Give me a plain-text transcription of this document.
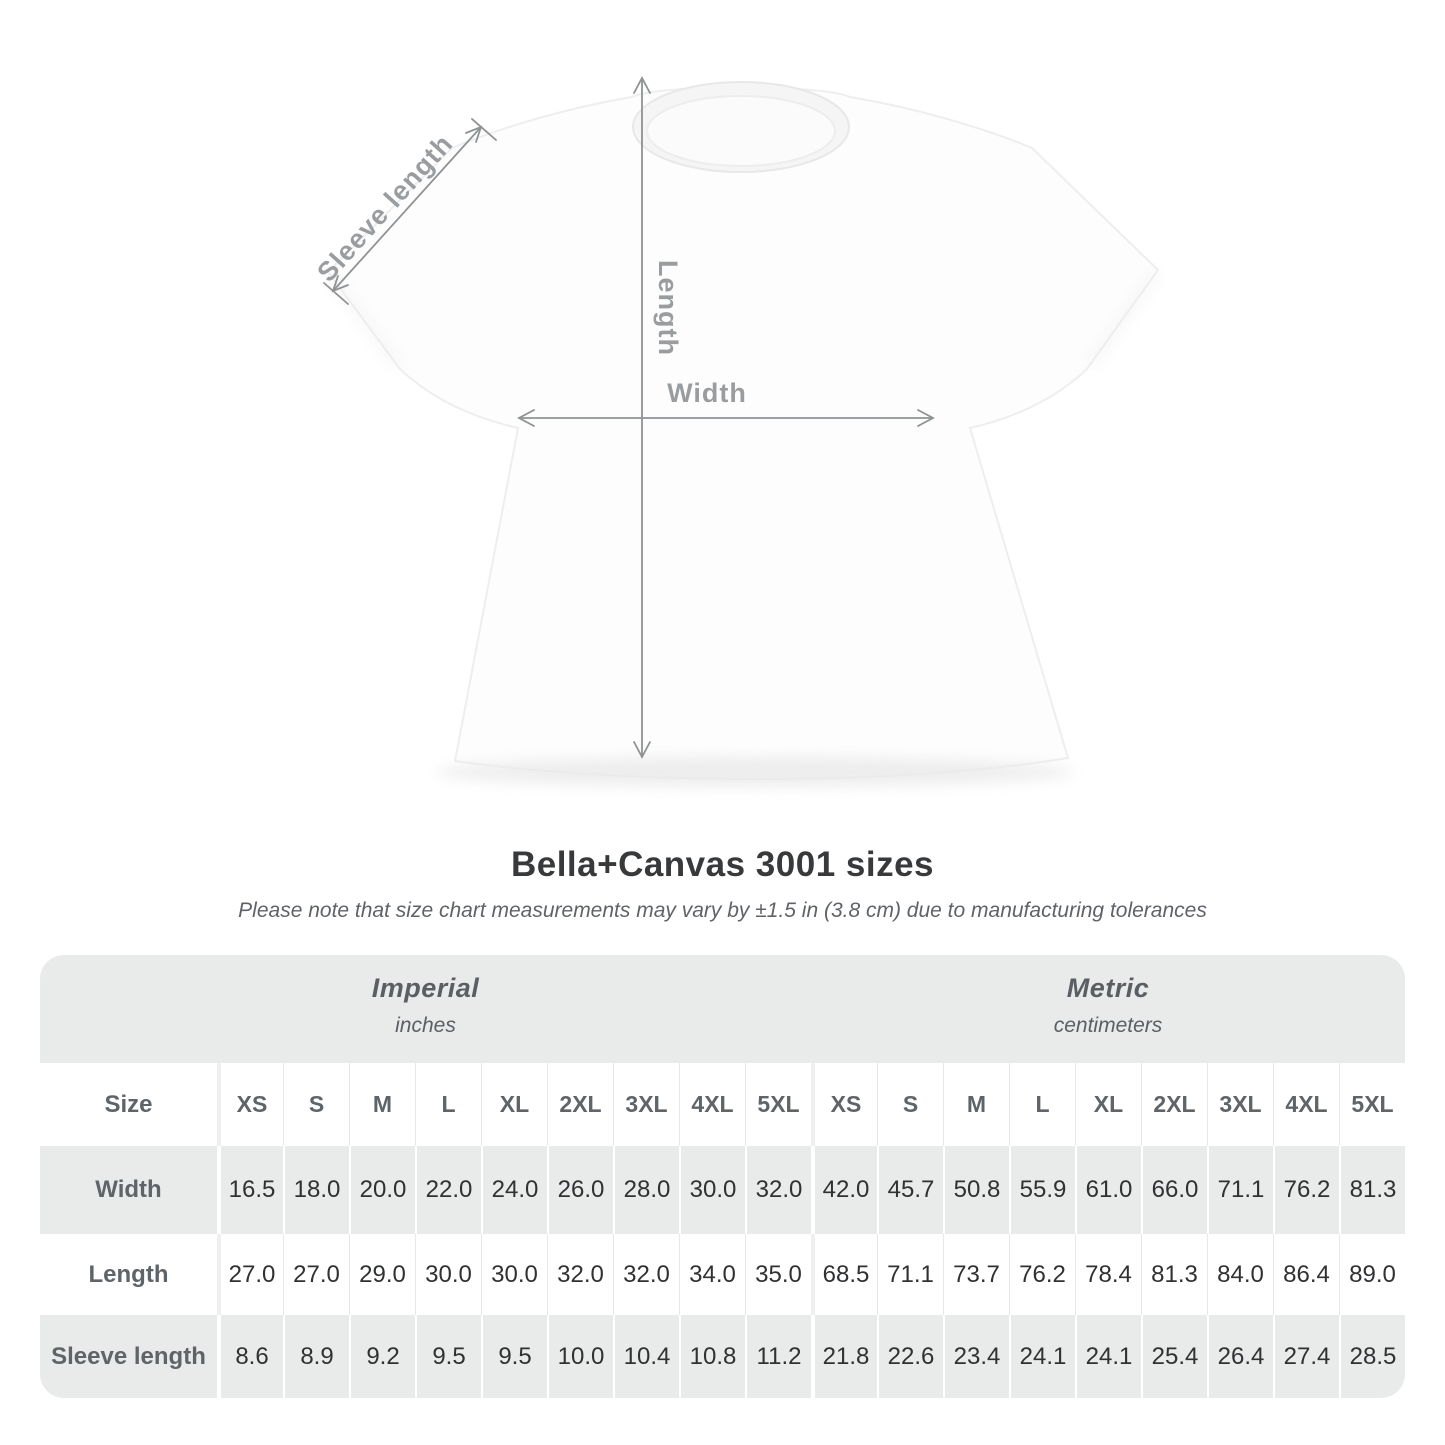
Sleeve length
Length
Width
Bella+Canvas 3001 sizes

Please note that size chart measurements may vary by ±1.5 in (3.8 cm) due to manufacturing tolerances

Imperial
inches
Metric
centimeters
Size	XS	S	M	L	XL	2XL	3XL	4XL	5XL	XS	S	M	L	XL	2XL	3XL	4XL	5XL
Width	16.5 18.0 20.0 22.0 24.0 26.0 28.0 30.0 32.0 42.0 45.7 50.8 55.9 61.0 66.0 71.1 76.2 81.3
Length	27.0 27.0 29.0 30.0 30.0 32.0 32.0 34.0 35.0 68.5 71.1 73.7 76.2 78.4 81.3 84.0 86.4 89.0
Sleeve length	8.6	8.9	9.2	9.5	9.5	10.0 10.4 10.8 11.2 21.8 22.6 23.4 24.1 24.1 25.4 26.4 27.4 28.5
